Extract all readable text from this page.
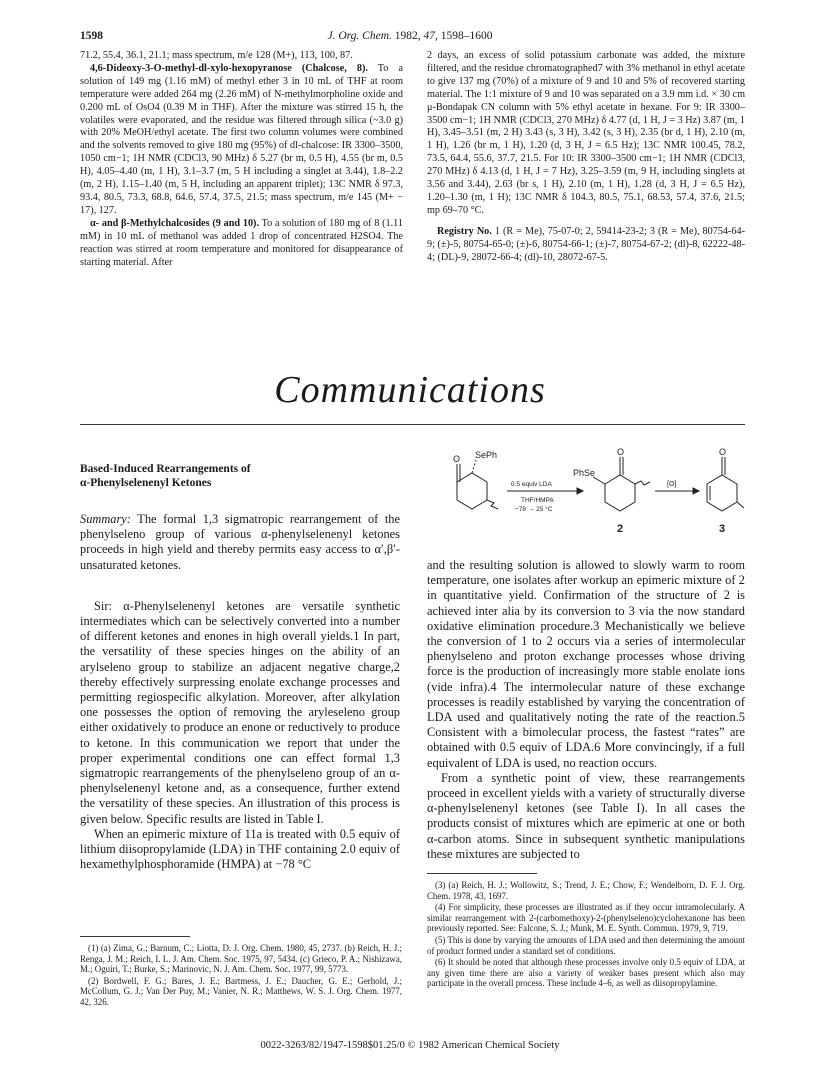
1598	J. Org. Chem. 1982, 47, 1598–1600

71.2, 55.4, 36.1, 21.1; mass spectrum, m/e 128 (M+), 113, 100, 87.

4,6-Dideoxy-3-O-methyl-dl-xylo-hexopyranose (Chalcose, 8). To a solution of 149 mg (1.16 mM) of methyl ether 3 in 10 mL of THF at room temperature were added 264 mg (2.26 mM) of N-methylmorpholine oxide and 0.200 mL of OsO4 (0.39 M in THF). After the mixture was stirred 15 h, the volatiles were evaporated, and the residue was filtered through silica (~3.0 g) with 20% MeOH/ethyl acetate. The first two column volumes were combined and the solvents removed to give 180 mg (95%) of dl-chalcose: IR 3300–3500, 1050 cm−1; 1H NMR (CDCl3, 90 MHz) δ 5.27 (br m, 0.5 H), 4.55 (br m, 0.5 H), 4.05–4.40 (m, 1 H), 3.1–3.7 (m, 5 H including a singlet at 3.44), 1.8–2.2 (m, 2 H), 1.15–1.40 (m, 5 H, including an apparent triplet); 13C NMR δ 97.3, 93.4, 80.5, 73.3, 68.8, 64.6, 57.4, 37.5, 21.5; mass spectrum, m/e 145 (M+ − 17), 127.

α- and β-Methylchalcosides (9 and 10). To a solution of 180 mg of 8 (1.11 mM) in 10 mL of methanol was added 1 drop of concentrated H2SO4. The reaction was stirred at room temperature and monitored for disappearance of starting material. After

2 days, an excess of solid potassium carbonate was added, the mixture filtered, and the residue chromatographed7 with 3% methanol in ethyl acetate to give 137 mg (70%) of a mixture of 9 and 10 and 5% of recovered starting material. The 1:1 mixture of 9 and 10 was separated on a 3.9 mm i.d. × 30 cm μ-Bondapak CN column with 5% ethyl acetate in hexane. For 9: IR 3300–3500 cm−1; 1H NMR (CDCl3, 270 MHz) δ 4.77 (d, 1 H, J = 3 Hz) 3.87 (m, 1 H), 3.45–3.51 (m, 2 H) 3.43 (s, 3 H), 3.42 (s, 3 H), 2.35 (br d, 1 H), 2.10 (m, 1 H), 1.26 (br m, 1 H), 1.20 (d, 3 H, J = 6.5 Hz); 13C NMR 100.45, 78.2, 73.5, 64.4, 55.6, 37.7, 21.5. For 10: IR 3300–3500 cm−1; 1H NMR (CDCl3, 270 MHz) δ 4.13 (d, 1 H, J = 7 Hz), 3.25–3.59 (m, 9 H, including singlets at 3.56 and 3.44), 2.63 (br s, 1 H), 2.10 (m, 1 H), 1.28 (d, 3 H, J = 6.5 Hz), 1.20–1.30 (m, 1 H); 13C NMR δ 104.3, 80.5, 75.1, 68.53, 57.4, 37.6, 21.5; mp 69–70 °C.

Registry No. 1 (R = Me), 75-07-0; 2, 59414-23-2; 3 (R = Me), 80754-64-9; (±)-5, 80754-65-0; (±)-6, 80754-66-1; (±)-7, 80754-67-2; (dl)-8, 62222-48-4; (DL)-9, 28072-66-4; (dl)-10, 28072-67-5.

Communications
Based-Induced Rearrangements of
α-Phenylselenenyl Ketones
Summary: The formal 1,3 sigmatropic rearrangement of the phenylseleno group of various α-phenylselenenyl ketones proceeds in high yield and thereby permits easy access to α′,β′-unsaturated ketones.

Sir: α-Phenylselenenyl ketones are versatile synthetic intermediates which can be selectively converted into a number of different ketones and enones in high overall yields.1 In part, the versatility of these species hinges on the ability of an arylseleno group to stabilize an adjacent negative charge,2 thereby effectively surpressing enolate exchange processes and permitting regiospecific alkylation. Moreover, after alkylation one possesses the option of removing the aryleseleno group either oxidatively to produce an enone or reductively to produce to ketone. In this communication we report that under the proper experimental conditions one can effect formal 1,3 sigmatropic rearrangements of the phenylseleno group of an α-phenylselenenyl ketone and, as a consequence, further extend the versatility of these species. An illustration of this process is given below. Specific results are listed in Table I.

When an epimeric mixture of 11a is treated with 0.5 equiv of lithium diisopropylamide (LDA) in THF containing 2.0 equiv of hexamethylphosphoramide (HMPA) at −78 °C

SePh
O
PhSe
O	O
0.5 equiv LDA
THF/HMPA
−78 → 25 °C
[O]
2	3

and the resulting solution is allowed to slowly warm to room temperature, one isolates after workup an epimeric mixture of 2 in quantitative yield. Confirmation of the structure of 2 is achieved inter alia by its conversion to 3 via the now standard oxidative elimination procedure.3 Mechanistically we believe the conversion of 1 to 2 occurs via a series of intermolecular phenylseleno and proton exchange processes whose driving force is the production of increasingly more stable enolate ions (vide infra).4 The intermolecular nature of these exchange processes is readily established by varying the concentration of LDA used and qualitatively noting the rate of the reaction.5 Consistent with a bimolecular process, the fastest “rates” are obtained with 0.5 equiv of LDA.6 More convincingly, if a full equivalent of LDA is used, no reaction occurs.

From a synthetic point of view, these rearrangements proceed in excellent yields with a variety of structurally diverse α-phenylselenenyl ketones (see Table I). In all cases the products consist of mixtures which are epimeric at one or both α-carbon atoms. Since in subsequent synthetic manipulations these mixtures are subjected to

(1) (a) Zima, G.; Barnum, C.; Liotta, D. J. Org. Chem. 1980, 45, 2737. (b) Reich, H. J.; Renga, J. M.; Reich, I. L. J. Am. Chem. Soc. 1975, 97, 5434. (c) Grieco, P. A.; Nishizawa, M.; Oguiri, T.; Burke, S.; Marinovic, N. J. Am. Chem. Soc. 1977, 99, 5773.

(2) Bordwell, F. G.; Bares, J. E.; Bartmess, J. E.; Daucher, G. E.; Gerhold, J.; McCollum, G. J.; Van Der Puy, M.; Vanier, N. R.; Matthews, W. S. J. Org. Chem. 1977, 42, 326.

(3) (a) Reich, H. J.; Wollowitz, S.; Trend, J. E.; Chow, F.; Wendelborn, D. F. J. Org. Chem. 1978, 43, 1697.

(4) For simplicity, these processes are illustrated as if they occur intramolecularly. A similar rearrangement with 2-(carbomethoxy)-2-(phenylseleno)cyclohexanone has been previously reported. See: Falcone, S. J.; Munk, M. E. Synth. Commun. 1979, 9, 719.

(5) This is done by varying the amounts of LDA used and then determining the amount of product formed under a standard set of conditions.

(6) It should be noted that although these processes involve only 0.5 equiv of LDA, at any given time there are also a variety of weaker bases present which also may participate in the overall process. These include 4–6, as well as diisopropylamine.

0022-3263/82/1947-1598$01.25/0 © 1982 American Chemical Society
